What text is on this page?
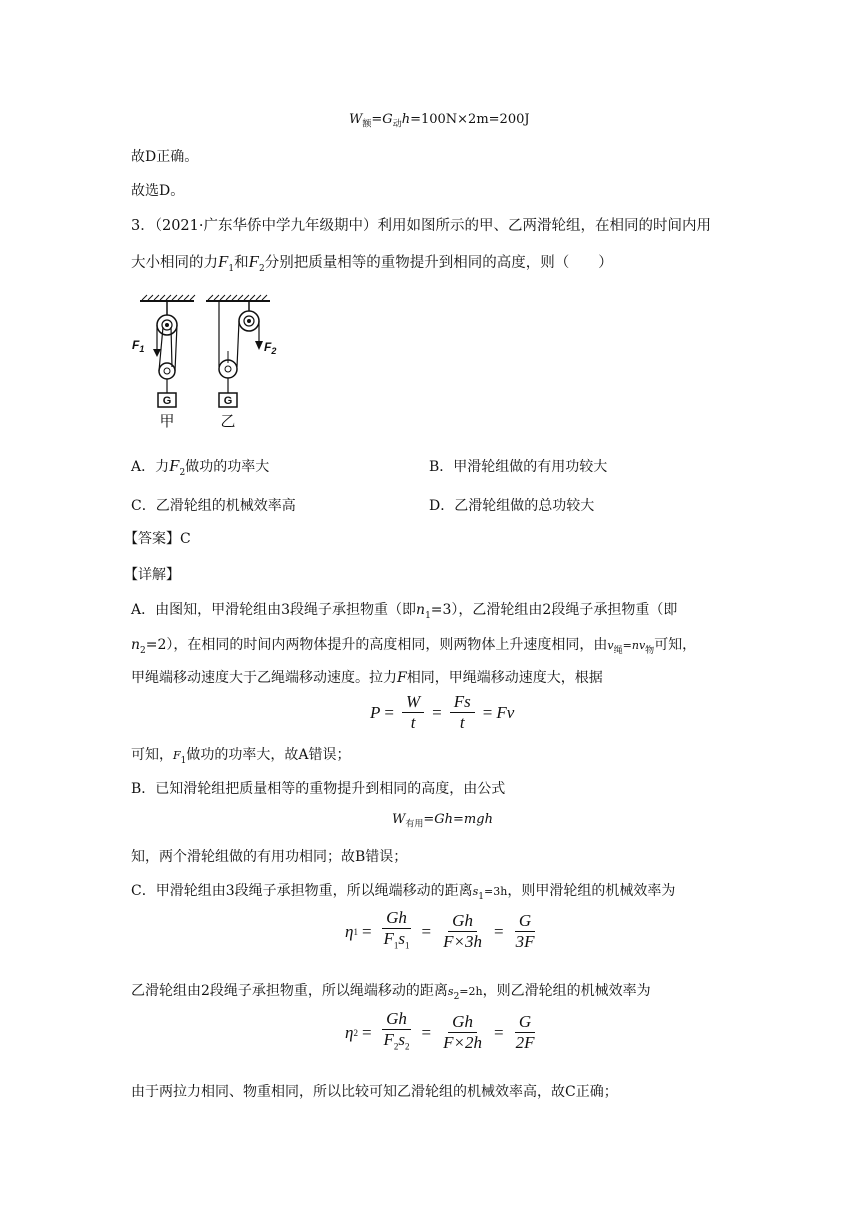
$W_额=G_动h=100N\times 2m=200J$
故D正确。
故选D。
3．（2021·广东华侨中学九年级期中）利用如图所示的甲、乙两滑轮组，在相同的时间内用
大小相同的力$F_1$和$F_2$分别把质量相等的重物提升到相同的高度，则（　　）
$F_1$	$F_2$
G	G
甲	乙
A．力$F_2$做功的功率大	B．甲滑轮组做的有用功较大
C．乙滑轮组的机械效率高	D．乙滑轮组做的总功较大
【答案】C
【详解】
A．由图知，甲滑轮组由3段绳子承担物重（即$n_1=3$），乙滑轮组由2段绳子承担物重（即
$n_2=2$），在相同的时间内两物体提升的高度相同，则两物体上升速度相同，由$v_绳=nv_物$可知，
甲绳端移动速度大于乙绳端移动速度。拉力F相同，甲绳端移动速度大，根据
$P = \frac{W}{t} = \frac{Fs}{t} = Fv$
可知，$F_1$做功的功率大，故A错误；
B．已知滑轮组把质量相等的重物提升到相同的高度，由公式
$W_{有用}=Gh=mgh$
知，两个滑轮组做的有用功相同；故B错误；
C．甲滑轮组由3段绳子承担物重，所以绳端移动的距离$s_1=3h$，则甲滑轮组的机械效率为
η $1 = \frac{Gh}{F_1s_1} = \frac{Gh}{F\times 3h} = \frac{G}{3F}$
乙滑轮组由2段绳子承担物重，所以绳端移动的距离$s_2=2h$，则乙滑轮组的机械效率为
η $2 = \frac{Gh}{F_2s_2} = \frac{Gh}{F\times 2h} = \frac{G}{2F}$
由于两拉力相同、物重相同，所以比较可知乙滑轮组的机械效率高，故C正确；
